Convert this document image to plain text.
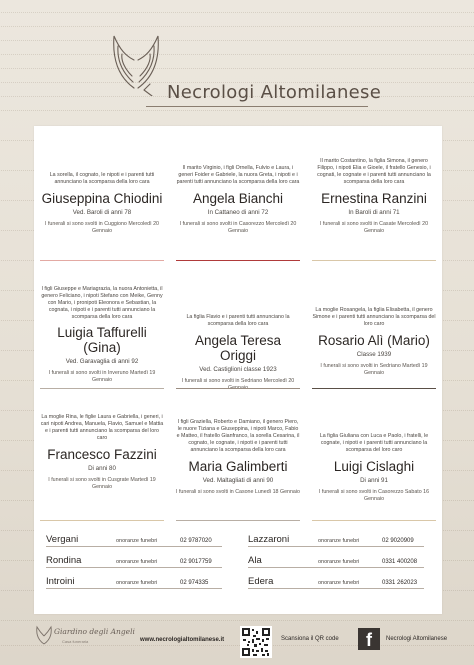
Necrologi Altomilanese
La sorella, il cognato, le nipoti e i parenti tutti annunciano la scomparsa della loro cara
Giuseppina Chiodini
Ved. Baroli di anni 78
I funerali si sono svolti in Cuggiono Mercoledì 20 Gennaio
Il marito Virginio, i figli Ornella, Fulvio e Laura, i generi Foider e Gabriele, la nuora Greta, i nipoti e i parenti tutti annunciano la scomparsa della loro cara
Angela Bianchi
In Cattaneo di anni 72
I funerali si sono svolti in Casorezzo Mercoledì 20 Gennaio
Il marito Costantino, la figlia Simona, il genero Filippo, i nipoti Elia e Gioele, il fratello Genesio, i cognati, le cognate e i parenti tutti annunciano la scomparsa della loro cara
Ernestina Ranzini
In Baroli di anni 71
I funerali si sono svolti in Casate Mercoledì 20 Gennaio
I figli Giuseppe e Mariagrazia, la nuora Antonietta, il genero Feliciano, i nipoti Stefano con Meike, Genny con Mario, i pronipoti Eleonora e Sebastian, la cognata, i nipoti e i parenti tutti annunciano la scomparsa della loro cara
Luigia Taffurelli (Gina)
Ved. Garavaglia di anni 92
I funerali si sono svolti in Inveruno Martedì 19 Gennaio
La figlia Flavio e i parenti tutti annunciano la scomparsa della loro cara
Angela Teresa Origgi
Ved. Castiglioni classe 1923
I funerali si sono svolti in Sedriano Mercoledì 20
La moglie Rosangela, la figlia Elisabetta, il genero Simone e i parenti tutti annunciano la scomparsa del loro caro
Rosario Alì (Mario)
Classe 1939
I funerali si sono svolti in Sedriano Martedì 19 Gennaio
La moglie Rina, le figlie Laura e Gabriella, i generi, i cari nipoti Andrea, Manuela, Flavio, Samuel e Mattia e i parenti tutti annunciano la scomparsa del loro caro
Francesco Fazzini
Di anni 80
I funerali si sono svolti in Cusgrate Martedì 19 Gennaio
I figli Graziella, Roberto e Damiano, il genero Piero, le nuore Tiziana e Giuseppina, i nipoti Marco, Fabio e Matteo, il fratello Gianfranco, la sorella Cesarina, il cognato, le cognate, i nipoti e i parenti tutti annunciano la scomparsa della loro cara
Maria Galimberti
Ved. Maltagliati di anni 90
I funerali si sono svolti in Casone Lunedì 18 Gennaio
La figlia Giuliana con Luca e Paolo, i fratelli, le cognate, i nipoti e i parenti tutti annunciano la scomparsa del loro caro
Luigi Cislaghi
Di anni 91
I funerali si sono svolti in Casorezzo Sabato 16 Gennaio
Vergani	onoranze funebri	02 9787020	Lazzaroni	onoranze funebri	02 9020909
Rondina	onoranze funebri	02 9017759	Ala	onoranze funebri	0331 400208
Introini	onoranze funebri	02 974335	Edera	onoranze funebri	0331 262023
Giardino degli Angeli
Casa funeraria	www.necrologialtomilanese.it	Scansiona il QR code	f	Necrologi Altomilanese
